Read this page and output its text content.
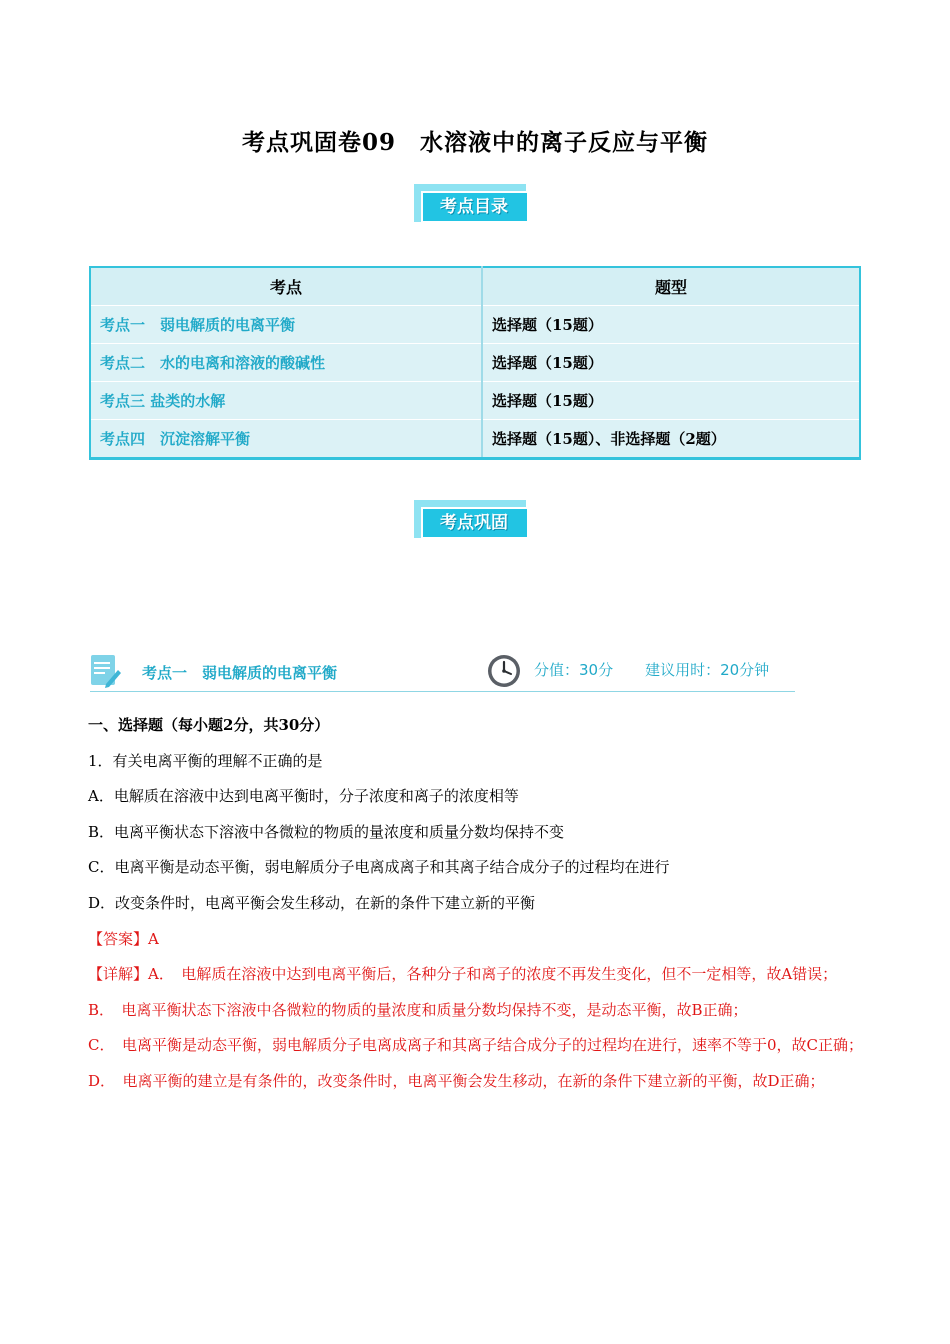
考点巩固卷09　水溶液中的离子反应与平衡
考点目录
考点	题型
考点一　弱电解质的电离平衡	选择题（15题）
考点二　水的电离和溶液的酸碱性	选择题（15题）
考点三 盐类的水解	选择题（15题）
考点四　沉淀溶解平衡	选择题（15题）、非选择题（2题）
考点巩固
考点一　弱电解质的电离平衡	分值：30分 建议用时：20分钟
一、选择题（每小题2分，共30分）
1．有关电离平衡的理解不正确的是
A．电解质在溶液中达到电离平衡时，分子浓度和离子的浓度相等
B．电离平衡状态下溶液中各微粒的物质的量浓度和质量分数均保持不变
C．电离平衡是动态平衡，弱电解质分子电离成离子和其离子结合成分子的过程均在进行
D．改变条件时，电离平衡会发生移动，在新的条件下建立新的平衡
【答案】A
【详解】A．　电解质在溶液中达到电离平衡后，各种分子和离子的浓度不再发生变化，但不一定相等，故A错误；
B．　电离平衡状态下溶液中各微粒的物质的量浓度和质量分数均保持不变，是动态平衡，故B正确；
C．　电离平衡是动态平衡，弱电解质分子电离成离子和其离子结合成分子的过程均在进行，速率不等于0，故C正确；
D．　电离平衡的建立是有条件的，改变条件时，电离平衡会发生移动，在新的条件下建立新的平衡，故D正确；
